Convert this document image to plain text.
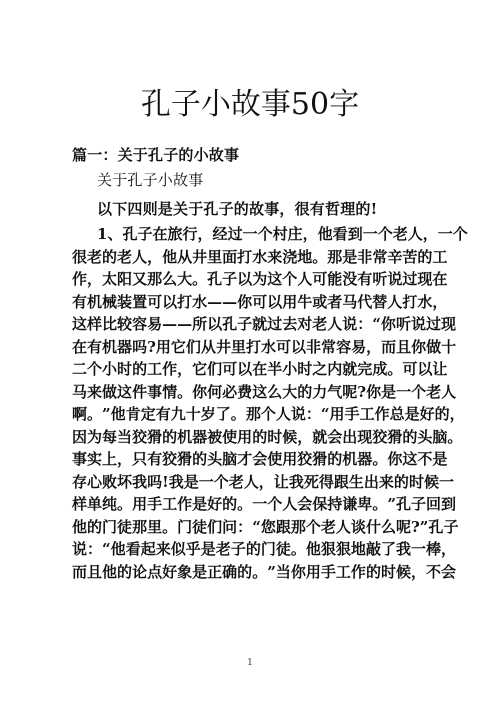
孔子小故事50字
篇一：关于孔子的小故事
关于孔子小故事
以下四则是关于孔子的故事，很有哲理的!
1 、 孔 子 在 旅 行 ， 经 过 一 个 村 庄 ， 他 看 到 一 个 老 人 ， 一 个
很 老 的 老 人 ， 他 从 井 里 面 打 水 来 浇 地 。 那 是 非 常 辛 苦 的 工
作 ， 太 阳 又 那 么 大 。 孔 子 以 为 这 个 人 可 能 没 有 听 说 过 现 在
有 机 械 装 置 可 以 打 水 — — 你 可 以 用 牛 或 者 马 代 替 人 打 水 ，
这 样 比 较 容 易 — — 所 以 孔 子 就 过 去 对 老 人 说 ： “ 你 听 说 过 现
在 有 机 器 吗 ? 用 它 们 从 井 里 打 水 可 以 非 常 容 易 ， 而 且 你 做 十
二 个 小 时 的 工 作 ， 它 们 可 以 在 半 小 时 之 内 就 完 成 。 可 以 让
马 来 做 这 件 事 情 。 你 何 必 费 这 么 大 的 力 气 呢 ? 你 是 一 个 老 人
啊 。 ” 他 肯 定 有 九 十 岁 了 。 那 个 人 说 ： “ 用 手 工 作 总 是 好 的 ，
因 为 每 当 狡 猾 的 机 器 被 使 用 的 时 候 ， 就 会 出 现 狡 猾 的 头 脑 。
事 实 上 ， 只 有 狡 猾 的 头 脑 才 会 使 用 狡 猾 的 机 器 。 你 这 不 是
存 心 败 坏 我 吗 ! 我 是 一 个 老 人 ， 让 我 死 得 跟 生 出 来 的 时 候 一
样 单 纯 。 用 手 工 作 是 好 的 。 一 个 人 会 保 持 谦 卑 。 ” 孔 子 回 到
他 的 门 徒 那 里 。 门 徒 们 问 ： “ 您 跟 那 个 老 人 谈 什 么 呢 ? ” 孔 子
说 ： “ 他 看 起 来 似 乎 是 老 子 的 门 徒 。 他 狠 狠 地 敲 了 我 一 棒 ，
而 且 他 的 论 点 好 象 是 正 确 的 。 ” 当 你 用 手 工 作 的 时 候 ， 不 会
1
